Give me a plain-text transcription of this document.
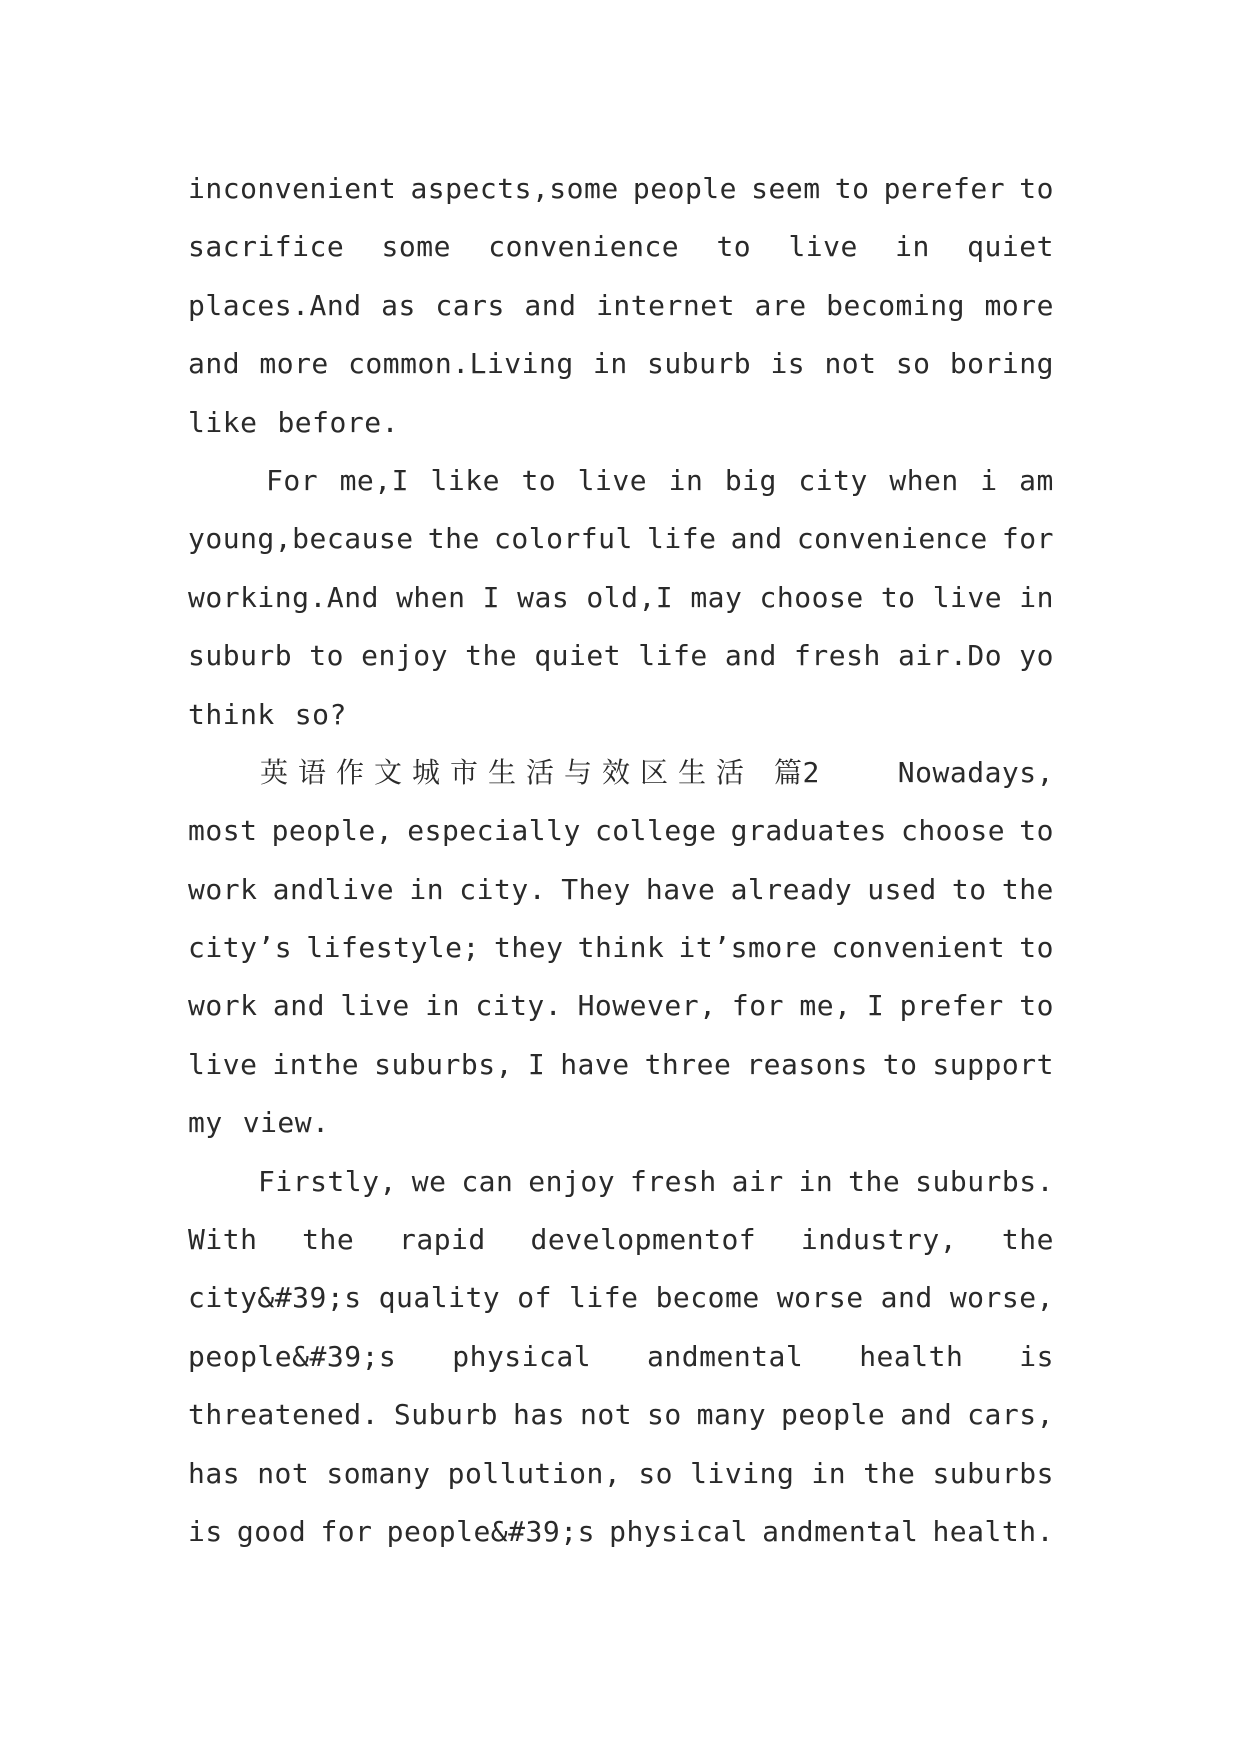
inconvenient aspects,some people seem to perefer to
sacrifice some convenience to live in quiet
places.And as cars and internet are becoming more
and more common.Living in suburb is not so boring
like before.
For me,I like to live in big city when i am
young,because the colorful life and convenience for
working.And when I was old,I may choose to live in
suburb to enjoy the quiet life and fresh air.Do yo
think so?
英语作文城市生活与效区生活 篇2	Nowadays,
most people, especially college graduates choose to
work andlive in city. They have already used to the
city’s lifestyle; they think it’smore convenient to
work and live in city. However, for me, I prefer to
live inthe suburbs, I have three reasons to support
my view.
Firstly, we can enjoy fresh air in the suburbs.
With the rapid developmentof industry, the
city&#39;s quality of life become worse and worse,
people&#39;s physical andmental health is
threatened. Suburb has not so many people and cars,
has not somany pollution, so living in the suburbs
is good for people&#39;s physical andmental health.
